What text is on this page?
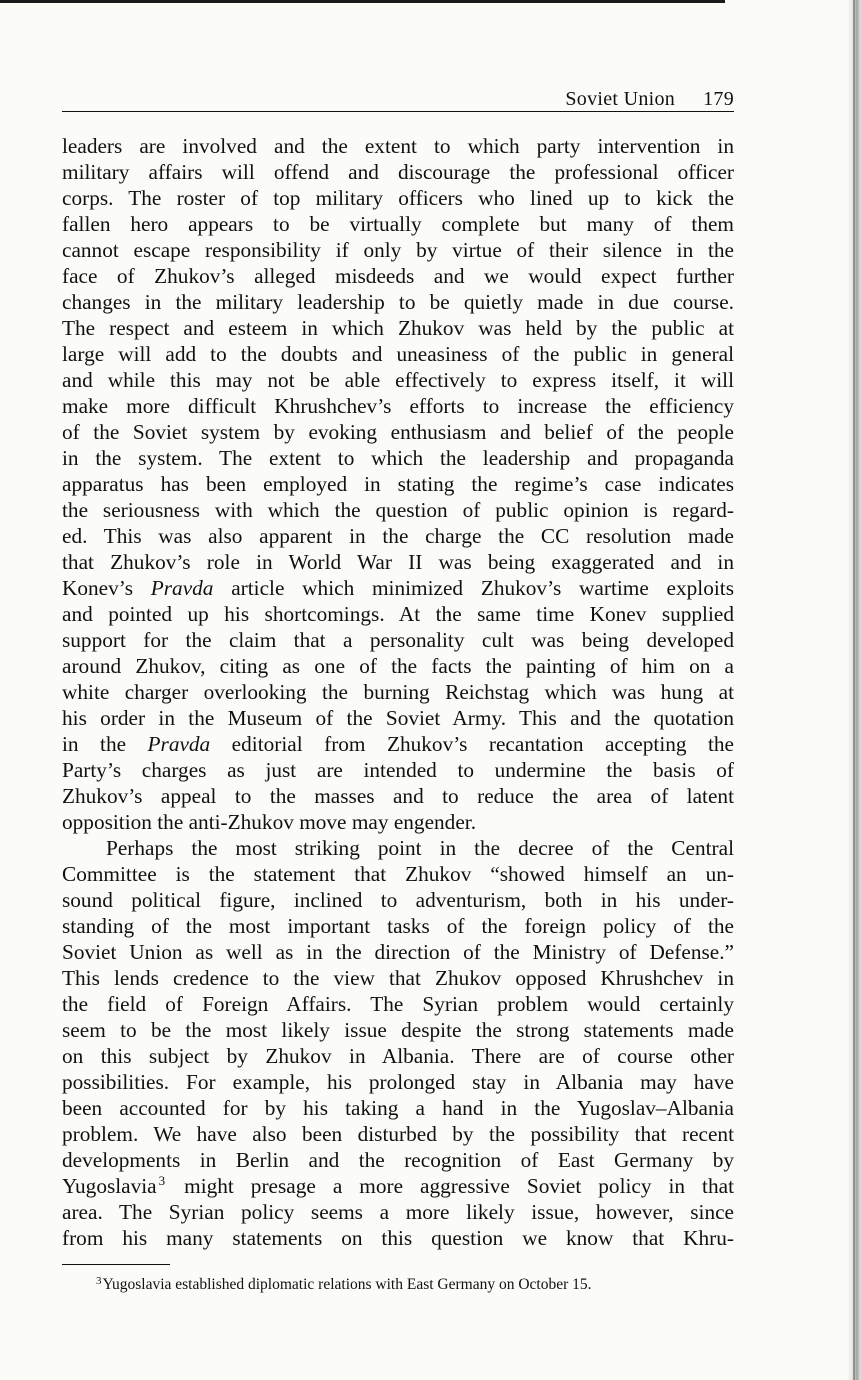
Soviet Union 179
leaders are involved and the extent to which party intervention in
military affairs will offend and discourage the professional officer
corps. The roster of top military officers who lined up to kick the
fallen hero appears to be virtually complete but many of them
cannot escape responsibility if only by virtue of their silence in the
face of Zhukov’s alleged misdeeds and we would expect further
changes in the military leadership to be quietly made in due course.
The respect and esteem in which Zhukov was held by the public at
large will add to the doubts and uneasiness of the public in general
and while this may not be able effectively to express itself, it will
make more difficult Khrushchev’s efforts to increase the efficiency
of the Soviet system by evoking enthusiasm and belief of the people
in the system. The extent to which the leadership and propaganda
apparatus has been employed in stating the regime’s case indicates
the seriousness with which the question of public opinion is regard-
ed. This was also apparent in the charge the CC resolution made
that Zhukov’s role in World War II was being exaggerated and in
Konev’s Pravda article which minimized Zhukov’s wartime exploits
and pointed up his shortcomings. At the same time Konev supplied
support for the claim that a personality cult was being developed
around Zhukov, citing as one of the facts the painting of him on a
white charger overlooking the burning Reichstag which was hung at
his order in the Museum of the Soviet Army. This and the quotation
in the Pravda editorial from Zhukov’s recantation accepting the
Party’s charges as just are intended to undermine the basis of
Zhukov’s appeal to the masses and to reduce the area of latent
opposition the anti-Zhukov move may engender.
Perhaps the most striking point in the decree of the Central
Committee is the statement that Zhukov “showed himself an un-
sound political figure, inclined to adventurism, both in his under-
standing of the most important tasks of the foreign policy of the
Soviet Union as well as in the direction of the Ministry of Defense.”
This lends credence to the view that Zhukov opposed Khrushchev in
the field of Foreign Affairs. The Syrian problem would certainly
seem to be the most likely issue despite the strong statements made
on this subject by Zhukov in Albania. There are of course other
possibilities. For example, his prolonged stay in Albania may have
been accounted for by his taking a hand in the Yugoslav–Albania
problem. We have also been disturbed by the possibility that recent
developments in Berlin and the recognition of East Germany by
Yugoslavia $^3$ might presage a more aggressive Soviet policy in that
area. The Syrian policy seems a more likely issue, however, since
from his many statements on this question we know that Khru-
$^3$Yugoslavia established diplomatic relations with East Germany on October 15.
